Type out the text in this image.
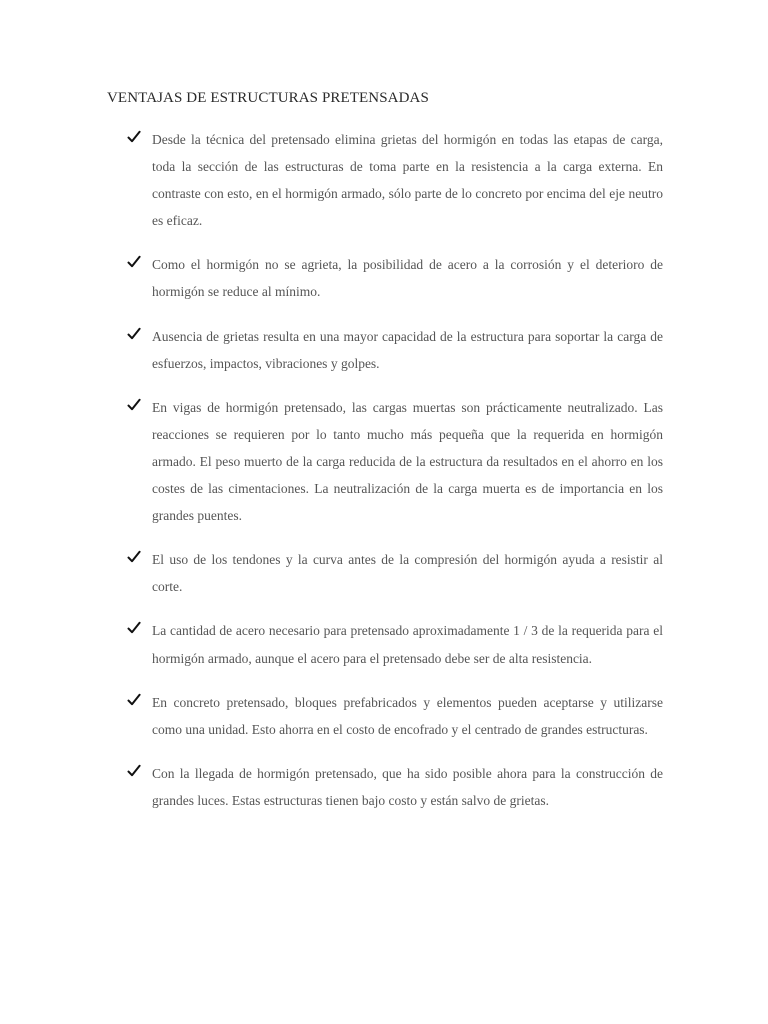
VENTAJAS DE ESTRUCTURAS PRETENSADAS

Desde la técnica del pretensado elimina grietas del hormigón en todas las etapas de carga, toda la sección de las estructuras de toma parte en la resistencia a la carga externa. En contraste con esto, en el hormigón armado, sólo parte de lo concreto por encima del eje neutro es eficaz.

Como el hormigón no se agrieta, la posibilidad de acero a la corrosión y el deterioro de hormigón se reduce al mínimo.

Ausencia de grietas resulta en una mayor capacidad de la estructura para soportar la carga de esfuerzos, impactos, vibraciones y golpes.

En vigas de hormigón pretensado, las cargas muertas son prácticamente neutralizado. Las reacciones se requieren por lo tanto mucho más pequeña que la requerida en hormigón armado. El peso muerto de la carga reducida de la estructura da resultados en el ahorro en los costes de las cimentaciones. La neutralización de la carga muerta es de importancia en los grandes puentes.

El uso de los tendones y la curva antes de la compresión del hormigón ayuda a resistir al corte.

La cantidad de acero necesario para pretensado aproximadamente 1 / 3 de la requerida para el hormigón armado, aunque el acero para el pretensado debe ser de alta resistencia.

En concreto pretensado, bloques prefabricados y elementos pueden aceptarse y utilizarse como una unidad. Esto ahorra en el costo de encofrado y el centrado de grandes estructuras.

Con la llegada de hormigón pretensado, que ha sido posible ahora para la construcción de grandes luces. Estas estructuras tienen bajo costo y están salvo de grietas.
